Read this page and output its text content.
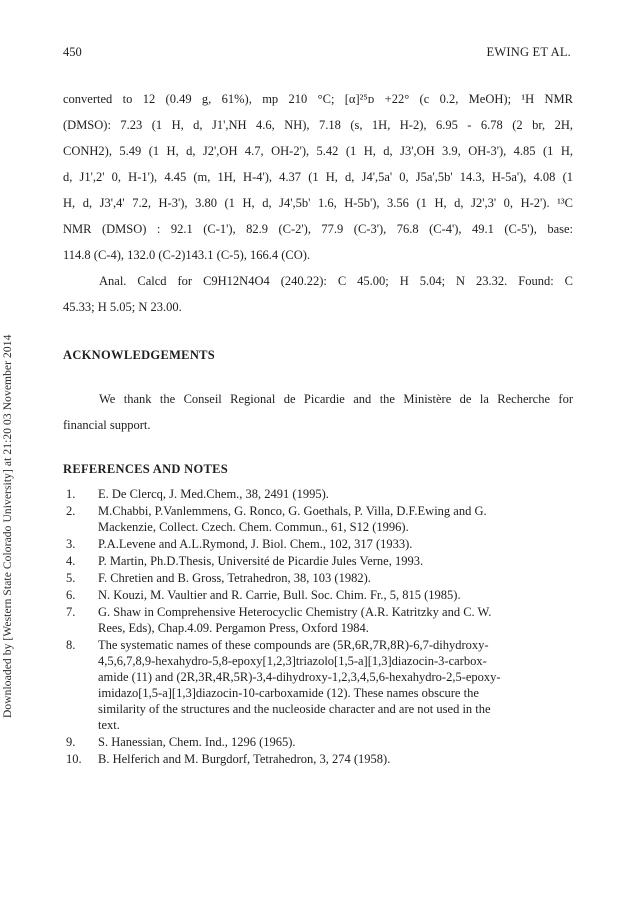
Downloaded by [Western State Colorado University] at 21:20 03 November 2014
450	EWING ET AL.
converted to 12 (0.49 g, 61%), mp 210 °C; [α]²⁵ᴅ +22° (c 0.2, MeOH); ¹H NMR
(DMSO): 7.23 (1 H, d, J1',NH 4.6, NH), 7.18 (s, 1H, H-2), 6.95 - 6.78 (2 br, 2H,
CONH2), 5.49 (1 H, d, J2',OH 4.7, OH-2'), 5.42 (1 H, d, J3',OH 3.9, OH-3'), 4.85 (1 H,
d, J1',2' 0, H-1'), 4.45 (m, 1H, H-4'), 4.37 (1 H, d, J4',5a' 0, J5a',5b' 14.3, H-5a'), 4.08 (1
H, d, J3',4' 7.2, H-3'), 3.80 (1 H, d, J4',5b' 1.6, H-5b'), 3.56 (1 H, d, J2',3' 0, H-2'). ¹³C
NMR (DMSO) : 92.1 (C-1'), 82.9 (C-2'), 77.9 (C-3'), 76.8 (C-4'), 49.1 (C-5'), base:
114.8 (C-4), 132.0 (C-2)143.1 (C-5), 166.4 (CO).
Anal. Calcd for C9H12N4O4 (240.22): C 45.00; H 5.04; N 23.32. Found: C
45.33; H 5.05; N 23.00.
ACKNOWLEDGEMENTS
We thank the Conseil Regional de Picardie and the Ministère de la Recherche for
financial support.
REFERENCES AND NOTES
1. E. De Clercq, J. Med.Chem., 38, 2491 (1995).
2. M.Chabbi, P.Vanlemmens, G. Ronco, G. Goethals, P. Villa, D.F.Ewing and G.
Mackenzie, Collect. Czech. Chem. Commun., 61, S12 (1996).
3. P.A.Levene and A.L.Rymond, J. Biol. Chem., 102, 317 (1933).
4. P. Martin, Ph.D.Thesis, Université de Picardie Jules Verne, 1993.
5. F. Chretien and B. Gross, Tetrahedron, 38, 103 (1982).
6. N. Kouzi, M. Vaultier and R. Carrie, Bull. Soc. Chim. Fr., 5, 815 (1985).
7. G. Shaw in Comprehensive Heterocyclic Chemistry (A.R. Katritzky and C. W.
Rees, Eds), Chap.4.09. Pergamon Press, Oxford 1984.
8. The systematic names of these compounds are (5R,6R,7R,8R)-6,7-dihydroxy-
4,5,6,7,8,9-hexahydro-5,8-epoxy[1,2,3]triazolo[1,5-a][1,3]diazocin-3-carbox-
amide (11) and (2R,3R,4R,5R)-3,4-dihydroxy-1,2,3,4,5,6-hexahydro-2,5-epoxy-
imidazo[1,5-a][1,3]diazocin-10-carboxamide (12). These names obscure the
similarity of the structures and the nucleoside character and are not used in the
text.
9. S. Hanessian, Chem. Ind., 1296 (1965).
10. B. Helferich and M. Burgdorf, Tetrahedron, 3, 274 (1958).
